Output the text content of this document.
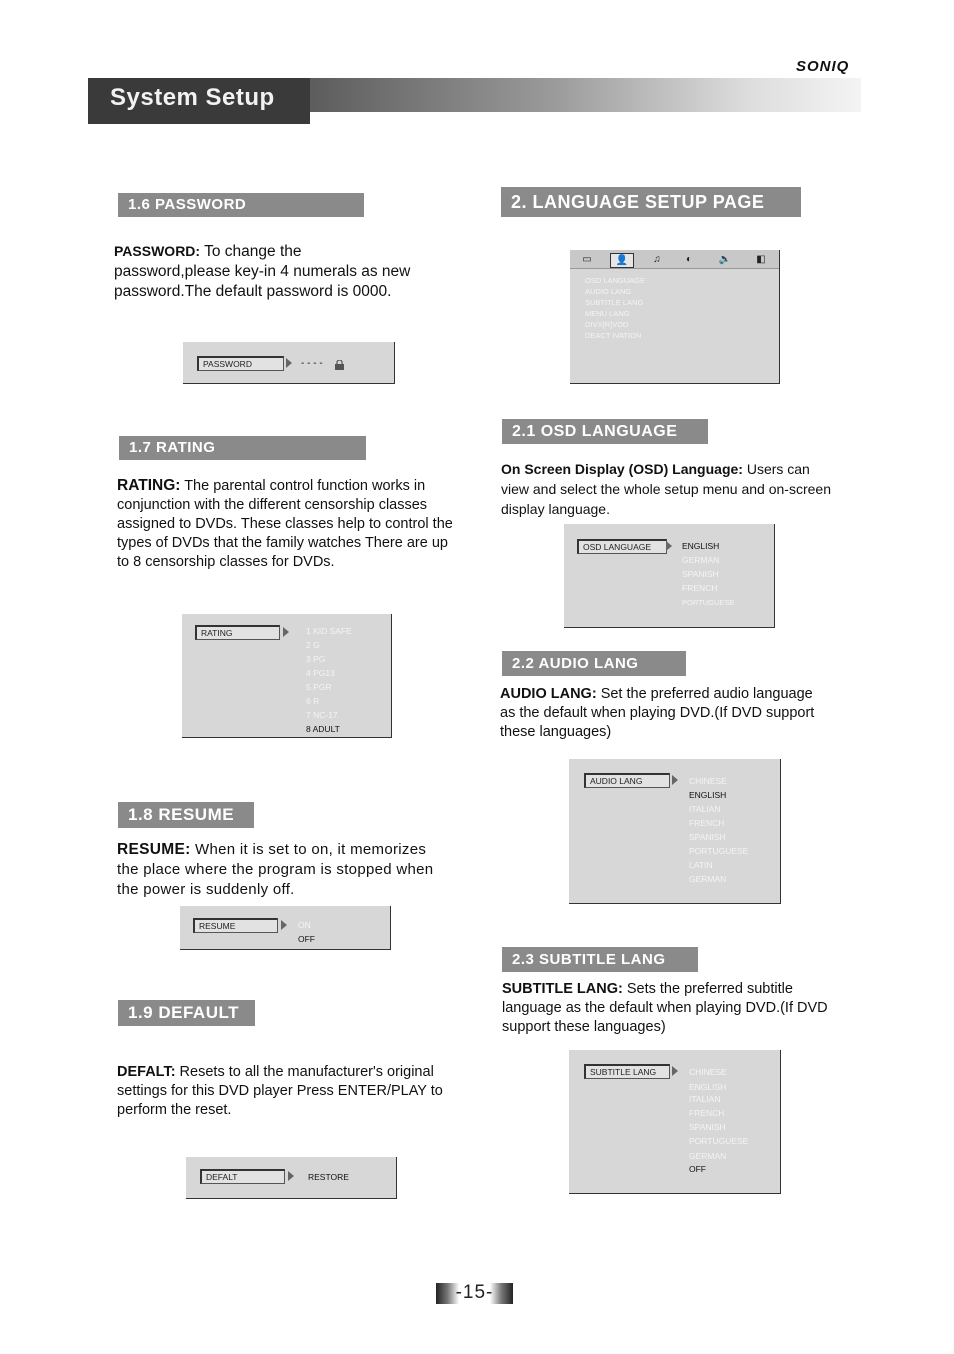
SONIQ
System Setup
1.6 PASSWORD
PASSWORD: To change the
password,please key-in 4 numerals as new
password.The default password is 0000.
PASSWORD	- - - -
1.7 RATING
RATING: The parental control function works in
conjunction with the different censorship classes
assigned to DVDs. These classes help to control the
types of DVDs that the family watches There are up
to 8 censorship classes for DVDs.
RATING	1 KID SAFE
2 G
3 PG
4 PG13
5 PGR
6 R
7 NC-17
8 ADULT
1.8 RESUME
RESUME: When it is set to on, it memorizes
the place where the program is stopped when
the power is suddenly off.
RESUME	ON
OFF
1.9 DEFAULT
DEFALT: Resets to all the manufacturer's original
settings for this DVD player Press ENTER/PLAY to
perform the reset.
DEFALT	RESTORE
2. LANGUAGE SETUP PAGE
▭	👤	♫	◐	🔈	◧
OSD LANGUAGE
AUDIO LANG
SUBTITLE LANG
MENU LANG
DIVX[R]VOD
DEACT IVATION
2.1 OSD LANGUAGE
On Screen Display (OSD) Language: Users can
view and select the whole setup menu and on-screen
display language.
OSD LANGUAGE	ENGLISH
GERMAN
SPANISH
FRENCH
PORTUGUESE
2.2 AUDIO LANG
AUDIO LANG: Set the preferred audio language
as the default when playing DVD.(If DVD support
these languages)
AUDIO LANG	CHINESE
ENGLISH
ITALIAN
FRENCH
SPANISH
PORTUGUESE
LATIN
GERMAN
2.3 SUBTITLE LANG
SUBTITLE LANG: Sets the preferred subtitle
language as the default when playing DVD.(If DVD
support these languages)
SUBTITLE LANG	CHINESE
ENGLISH
ITALIAN
FRENCH
SPANISH
PORTUGUESE
GERMAN
OFF
-15-
